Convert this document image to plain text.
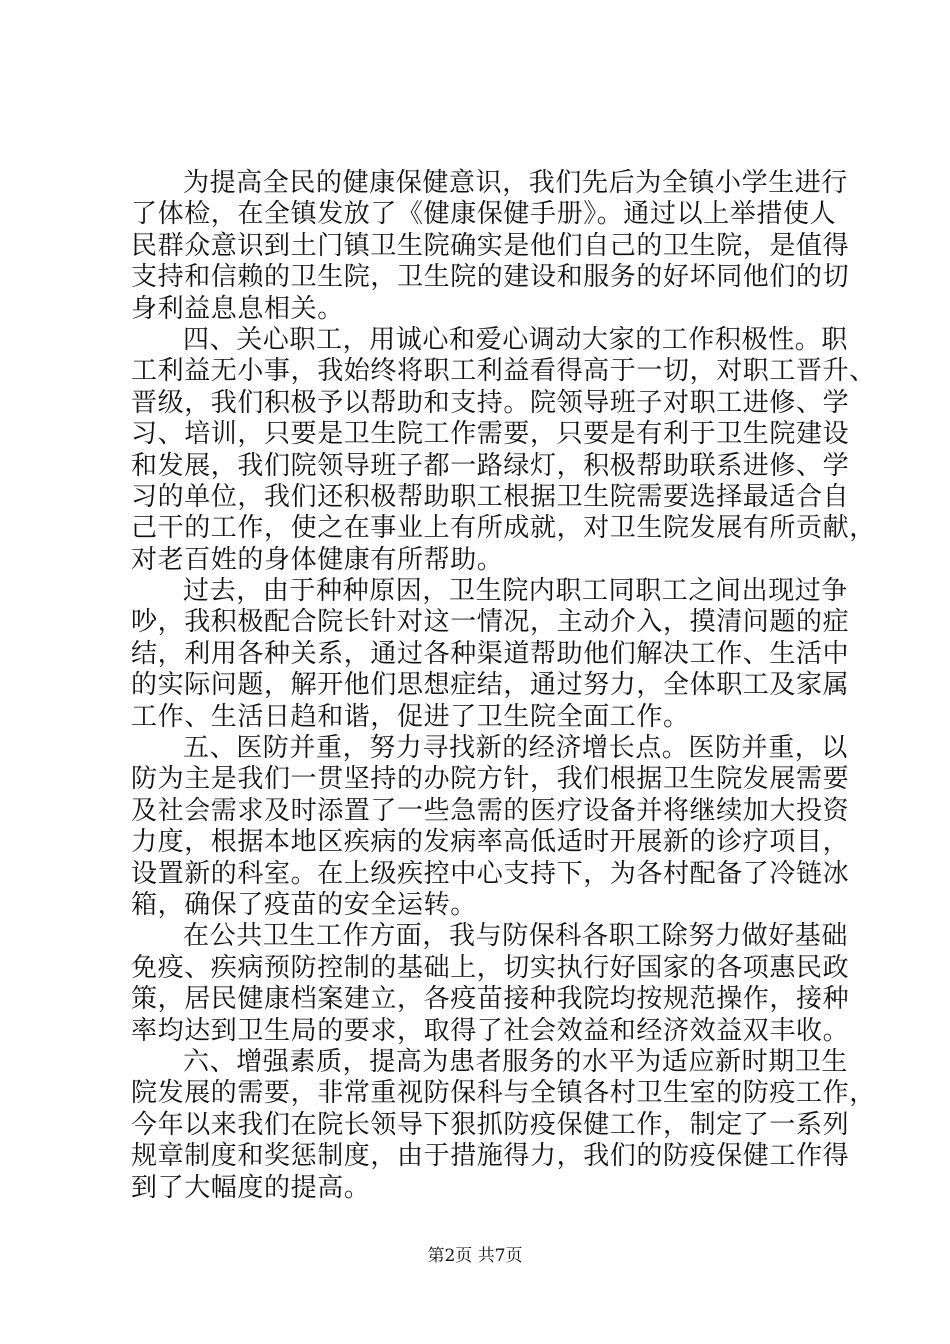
为提高全民的健康保健意识，我们先后为全镇小学生进行
了体检，在全镇发放了《健康保健手册》。通过以上举措使人
民群众意识到土门镇卫生院确实是他们自己的卫生院，是值得
支持和信赖的卫生院，卫生院的建设和服务的好坏同他们的切
身利益息息相关。
四、关心职工，用诚心和爱心调动大家的工作积极性。职
工利益无小事，我始终将职工利益看得高于一切，对职工晋升、
晋级，我们积极予以帮助和支持。院领导班子对职工进修、学
习、培训，只要是卫生院工作需要，只要是有利于卫生院建设
和发展，我们院领导班子都一路绿灯，积极帮助联系进修、学
习的单位，我们还积极帮助职工根据卫生院需要选择最适合自
己干的工作，使之在事业上有所成就，对卫生院发展有所贡献，
对老百姓的身体健康有所帮助。
过去，由于种种原因，卫生院内职工同职工之间出现过争
吵，我积极配合院长针对这一情况，主动介入，摸清问题的症
结，利用各种关系，通过各种渠道帮助他们解决工作、生活中
的实际问题，解开他们思想症结，通过努力，全体职工及家属
工作、生活日趋和谐，促进了卫生院全面工作。
五、医防并重，努力寻找新的经济增长点。医防并重，以
防为主是我们一贯坚持的办院方针，我们根据卫生院发展需要
及社会需求及时添置了一些急需的医疗设备并将继续加大投资
力度，根据本地区疾病的发病率高低适时开展新的诊疗项目，
设置新的科室。在上级疾控中心支持下，为各村配备了冷链冰
箱，确保了疫苗的安全运转。
在公共卫生工作方面，我与防保科各职工除努力做好基础
免疫、疾病预防控制的基础上，切实执行好国家的各项惠民政
策，居民健康档案建立，各疫苗接种我院均按规范操作，接种
率均达到卫生局的要求，取得了社会效益和经济效益双丰收。
六、增强素质，提高为患者服务的水平为适应新时期卫生
院发展的需要，非常重视防保科与全镇各村卫生室的防疫工作，
今年以来我们在院长领导下狠抓防疫保健工作，制定了一系列
规章制度和奖惩制度，由于措施得力，我们的防疫保健工作得
到了大幅度的提高。
第2页 共7页
